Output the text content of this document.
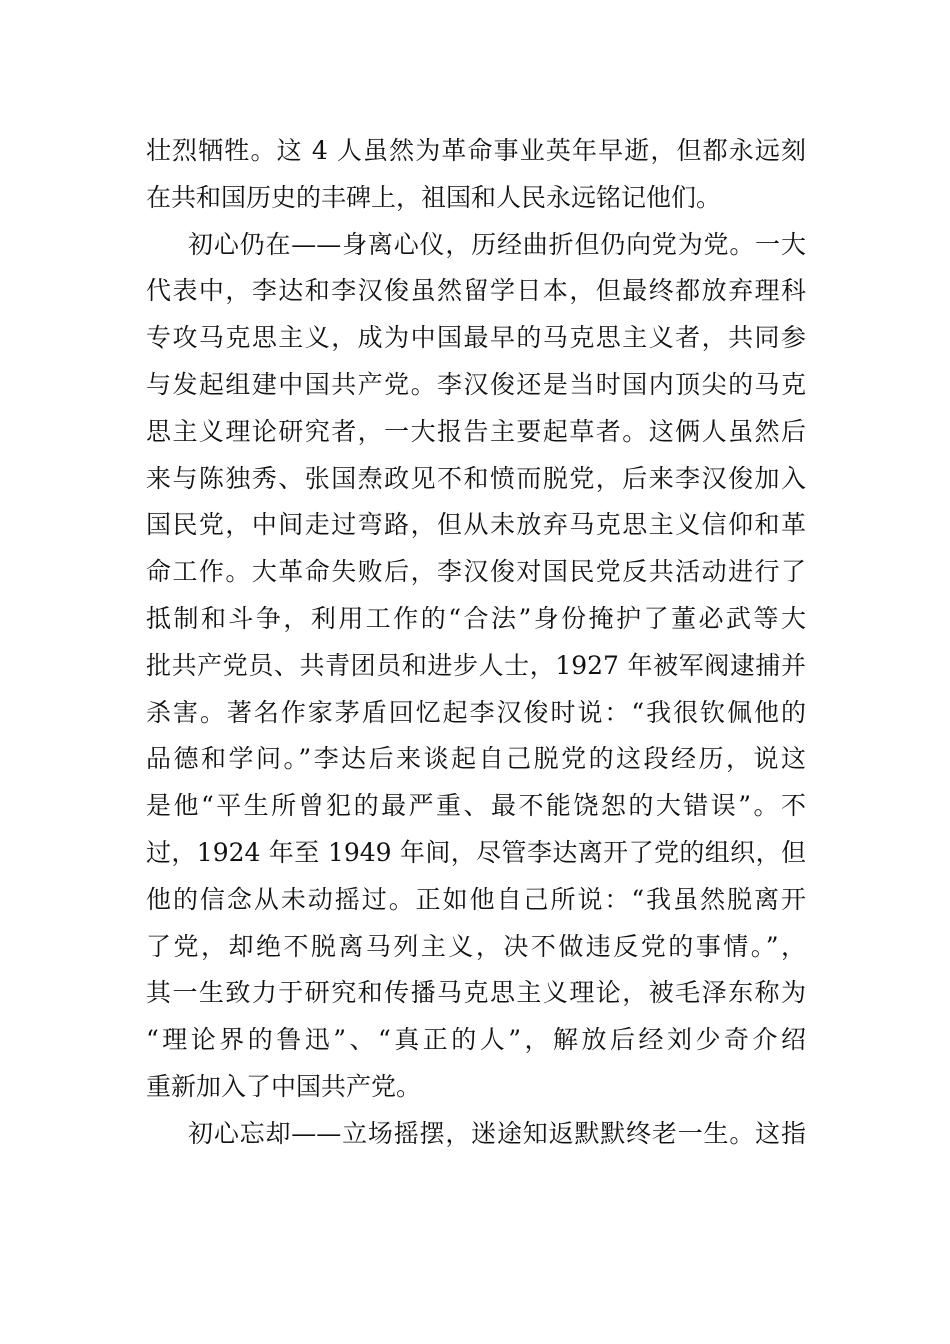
壮烈牺牲。这 4 人虽然为革命事业英年早逝，但都永远刻
在共和国历史的丰碑上，祖国和人民永远铭记他们。
初心仍在——身离心仪，历经曲折但仍向党为党。一大
代表中，李达和李汉俊虽然留学日本，但最终都放弃理科
专攻马克思主义，成为中国最早的马克思主义者，共同参
与发起组建中国共产党。李汉俊还是当时国内顶尖的马克
思主义理论研究者，一大报告主要起草者。这俩人虽然后
来与陈独秀、张国焘政见不和愤而脱党，后来李汉俊加入
国民党，中间走过弯路，但从未放弃马克思主义信仰和革
命工作。大革命失败后，李汉俊对国民党反共活动进行了
抵制和斗争，利用工作的“合法”身份掩护了董必武等大
批共产党员、共青团员和进步人士，1927 年被军阀逮捕并
杀害。著名作家茅盾回忆起李汉俊时说：“我很钦佩他的
品德和学问。”李达后来谈起自己脱党的这段经历，说这
是他“平生所曾犯的最严重、最不能饶恕的大错误”。不
过，1924 年至 1949 年间，尽管李达离开了党的组织，但
他的信念从未动摇过。正如他自己所说：“我虽然脱离开
了党，却绝不脱离马列主义，决不做违反党的事情。”，
其一生致力于研究和传播马克思主义理论，被毛泽东称为
“理论界的鲁迅”、“真正的人”，解放后经刘少奇介绍
重新加入了中国共产党。
初心忘却——立场摇摆，迷途知返默默终老一生。这指
